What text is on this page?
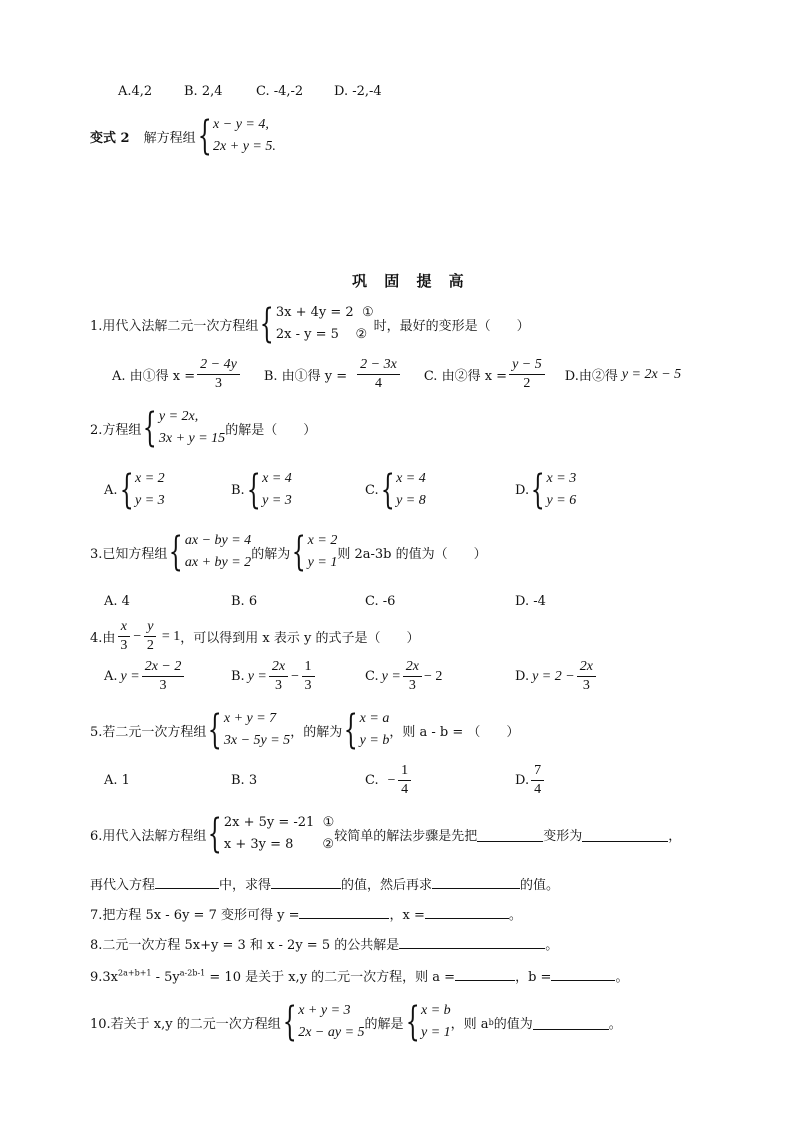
A.4,2	B. 2,4	C. -4,-2	D. -2,-4
变式 2 解方程组 { x − y = 4,
2x + y = 5.
巩 固 提 高
1.用代入法解二元一次方程组 { 3x + 4y = 2 ①
2x - y = 5 ②
时，最好的变形是（　　）
A. 由①得 $x = \frac{2 - 4y}{3} B$. 由①得 $y = \frac{2 - 3x}{4} C$. 由②得 $x = \frac{y - 5}{2} D$.由②得 y = 2x − 5
2.方程组 { y = 2x,
3x + y = 15
的解是（　　）
A. { x = 2
y = 3
B. { x = 4
y = 3
C. { x = 4
y = 8
D. { x = 3
y = 6
3.已知方程组 { ax − by = 4
ax + by = 2
的解为 { x = 2
y = 1
则 2a-3b 的值为（　　）
A. 4	B. 6	C. -6	D. -4
4.由 $\frac{x}{3} - \frac{y}{2} = 1$ ，可以得到用 x 表示 y 的式子是（　　）
A. $y = \frac{2x - 2}{3}$	B. $y = \frac{2x}{3} - \frac{1}{3}$	C. $y = \frac{2x}{3} - 2$	D. $y = 2 - \frac{2x}{3}$
5.若二元一次方程组 { x + y = 7
3x − 5y = 5
，的解为 { x = a
y = b
，则 a - b = （　　）
A. 1	B. 3	C. − $\frac{1}{4}$	D. $\frac{7}{4}$
6.用代入法解方程组 { 2x + 5y = -21 ①
x + 3y = 8 ②
较简单的解法步骤是先把	变形为	，
再代入方程	中，求得	的值，然后再求	的值。
7.把方程 5x - 6y = 7 变形可得 y =	，x =	。
8.二元一次方程 5x+y = 3 和 x - 2y = 5 的公共解是	。
$9.3x^{2a+b+1} - 5y^{a-2b-1} = 10$ 是关于 x,y 的二元一次方程，则 a =	，b =	。
10.若关于 x,y 的二元一次方程组 { x + y = 3
2x − ay = 5
的解是 { x = b
y = 1
，则 a b 的值为	。
